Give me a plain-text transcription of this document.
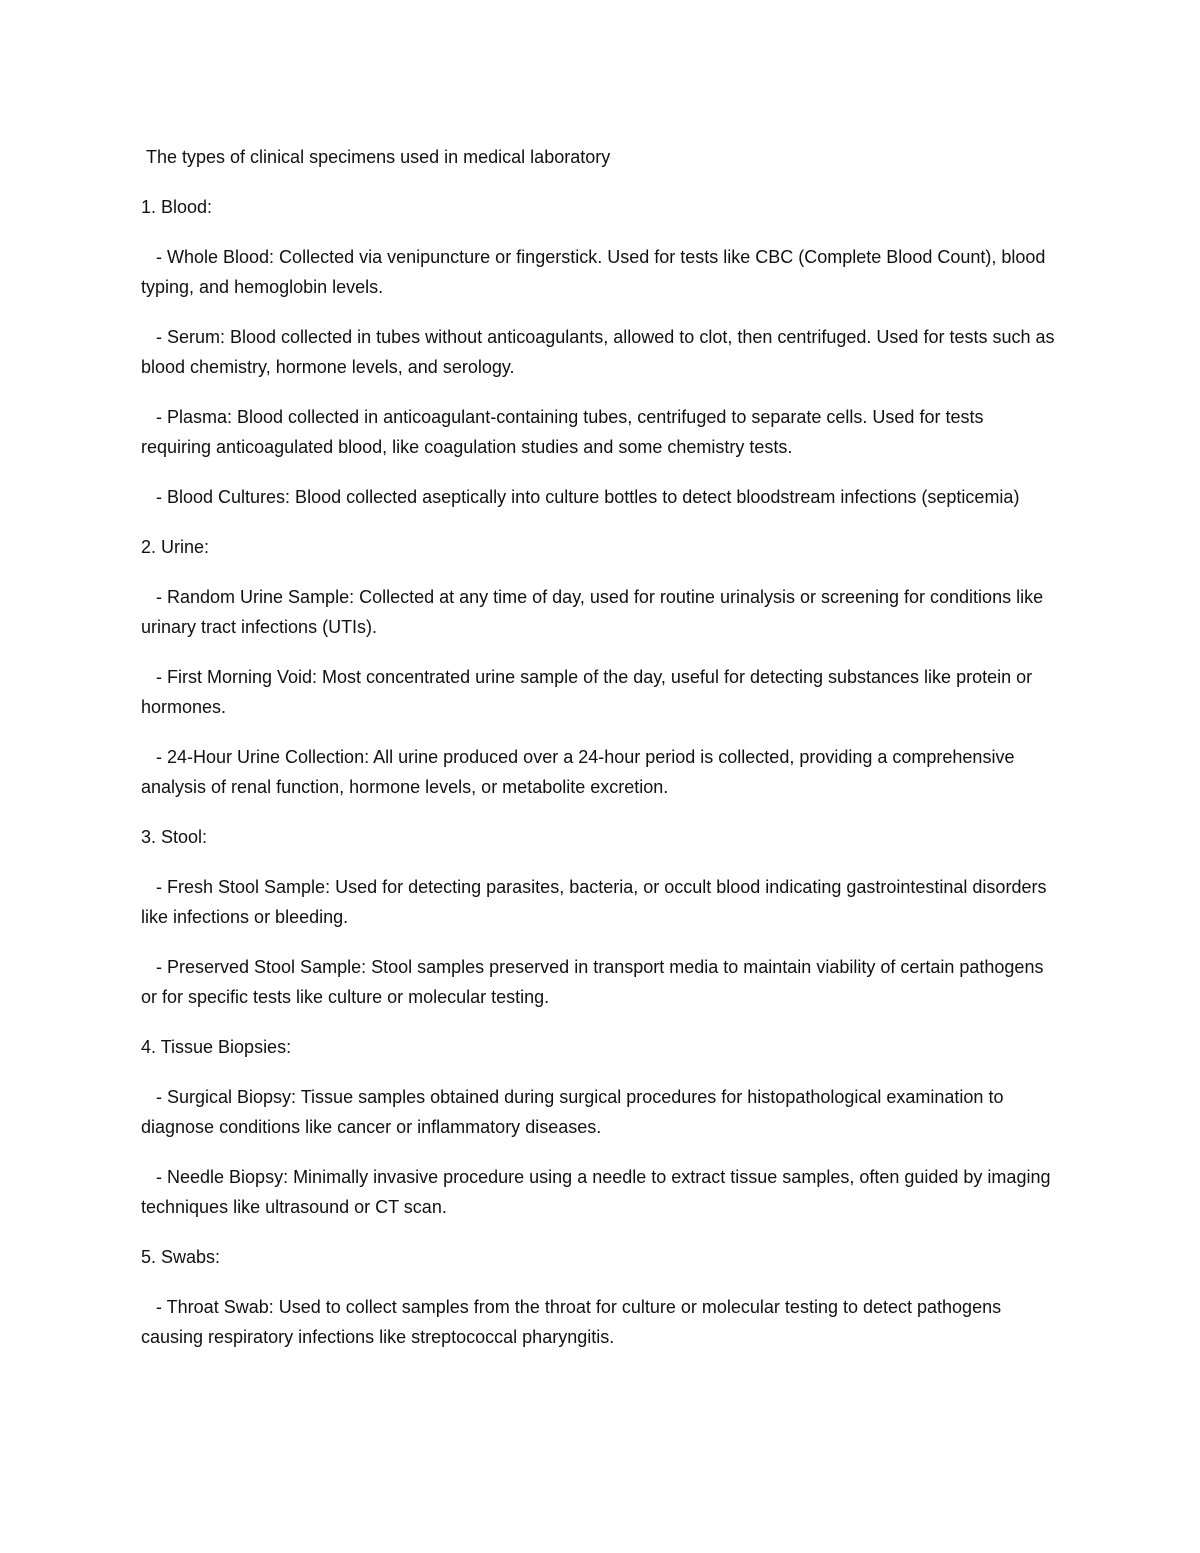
The types of clinical specimens used in medical laboratory

1. Blood:

- Whole Blood: Collected via venipuncture or fingerstick. Used for tests like CBC (Complete Blood Count), blood typing, and hemoglobin levels.

- Serum: Blood collected in tubes without anticoagulants, allowed to clot, then centrifuged. Used for tests such as blood chemistry, hormone levels, and serology.

- Plasma: Blood collected in anticoagulant-containing tubes, centrifuged to separate cells. Used for tests requiring anticoagulated blood, like coagulation studies and some chemistry tests.

- Blood Cultures: Blood collected aseptically into culture bottles to detect bloodstream infections (septicemia)

2. Urine:

- Random Urine Sample: Collected at any time of day, used for routine urinalysis or screening for conditions like urinary tract infections (UTIs).

- First Morning Void: Most concentrated urine sample of the day, useful for detecting substances like protein or hormones.

- 24-Hour Urine Collection: All urine produced over a 24-hour period is collected, providing a comprehensive analysis of renal function, hormone levels, or metabolite excretion.

3. Stool:

- Fresh Stool Sample: Used for detecting parasites, bacteria, or occult blood indicating gastrointestinal disorders like infections or bleeding.

- Preserved Stool Sample: Stool samples preserved in transport media to maintain viability of certain pathogens or for specific tests like culture or molecular testing.

4. Tissue Biopsies:

- Surgical Biopsy: Tissue samples obtained during surgical procedures for histopathological examination to diagnose conditions like cancer or inflammatory diseases.

- Needle Biopsy: Minimally invasive procedure using a needle to extract tissue samples, often guided by imaging techniques like ultrasound or CT scan.

5. Swabs:

- Throat Swab: Used to collect samples from the throat for culture or molecular testing to detect pathogens causing respiratory infections like streptococcal pharyngitis.
